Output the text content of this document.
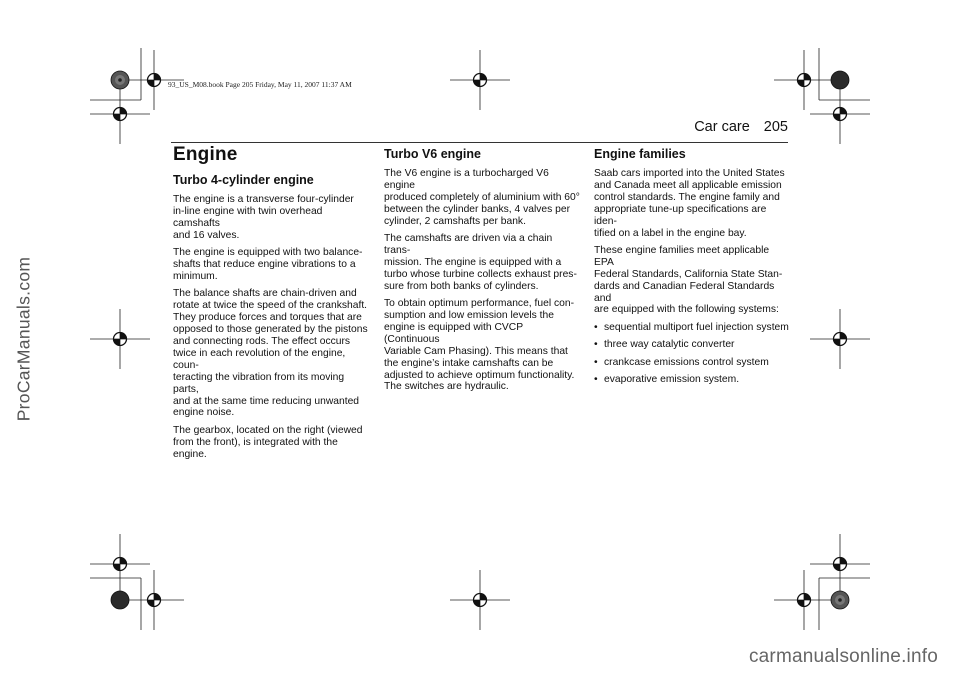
93_US_M08.book Page 205 Friday, May 11, 2007 11:37 AM
Car care 205
Engine
Turbo 4-cylinder engine

The engine is a transverse four-cylinder
in-line engine with twin overhead camshafts
and 16 valves.

The engine is equipped with two balance-
shafts that reduce engine vibrations to a
minimum.

The balance shafts are chain-driven and
rotate at twice the speed of the crankshaft.
They produce forces and torques that are
opposed to those generated by the pistons
and connecting rods. The effect occurs
twice in each revolution of the engine, coun-
teracting the vibration from its moving parts,
and at the same time reducing unwanted
engine noise.

The gearbox, located on the right (viewed
from the front), is integrated with the engine.

Turbo V6 engine

The V6 engine is a turbocharged V6 engine
produced completely of aluminium with 60°
between the cylinder banks, 4 valves per
cylinder, 2 camshafts per bank.

The camshafts are driven via a chain trans-
mission. The engine is equipped with a
turbo whose turbine collects exhaust pres-
sure from both banks of cylinders.

To obtain optimum performance, fuel con-
sumption and low emission levels the
engine is equipped with CVCP (Continuous
Variable Cam Phasing). This means that
the engine’s intake camshafts can be
adjusted to achieve optimum functionality.
The switches are hydraulic.

Engine families

Saab cars imported into the United States
and Canada meet all applicable emission
control standards. The engine family and
appropriate tune-up specifications are iden-
tified on a label in the engine bay.

These engine families meet applicable EPA
Federal Standards, California State Stan-
dards and Canadian Federal Standards and
are equipped with the following systems:

• sequential multiport fuel injection system
• three way catalytic converter
• crankcase emissions control system
• evaporative emission system.
ProCarManuals.com
carmanualsonline.info
